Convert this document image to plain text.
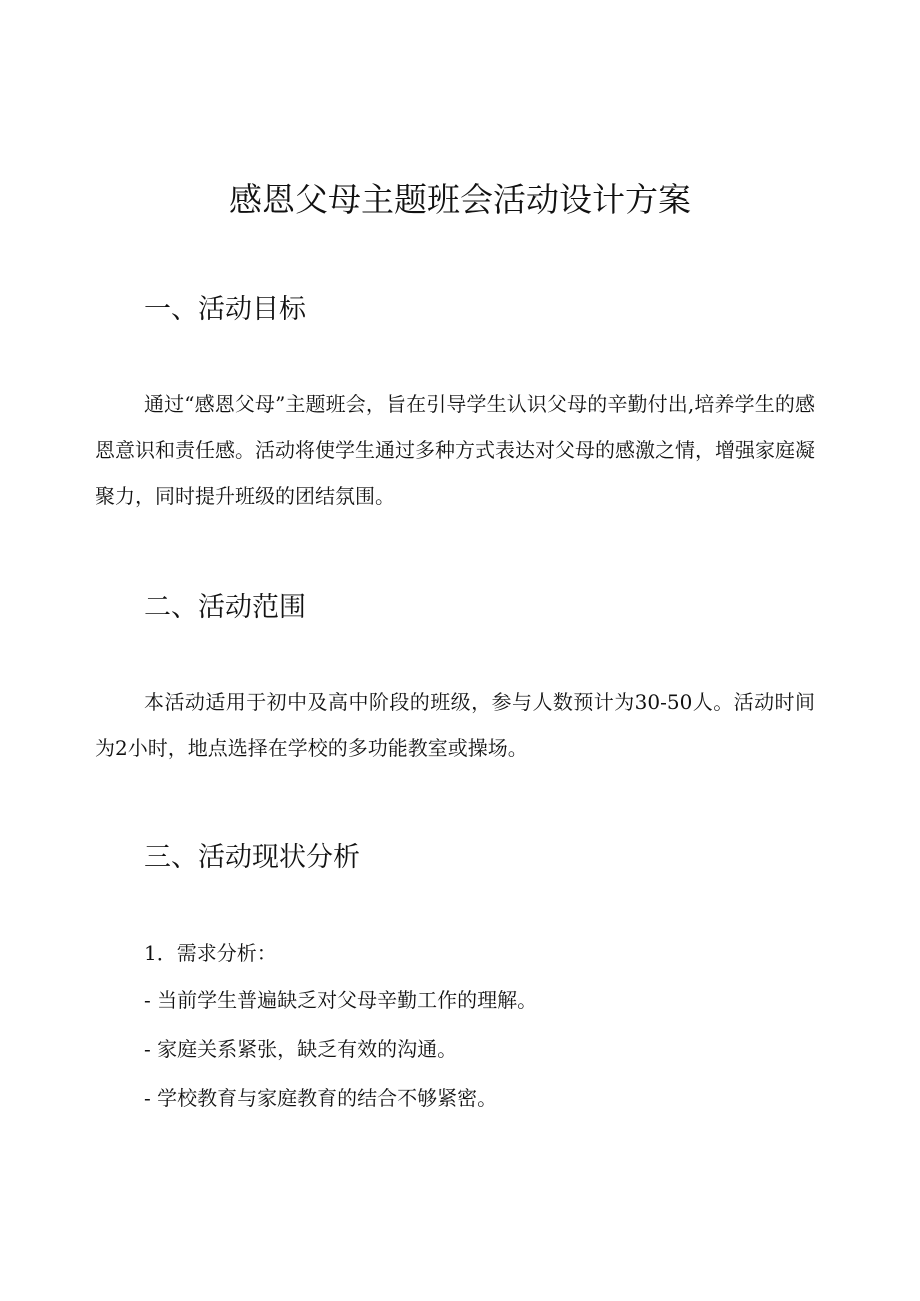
感恩父母主题班会活动设计方案
一、活动目标

通过“感恩父母”主题班会，旨在引导学生认识父母的辛勤付出,培养学生的感恩意识和责任感。活动将使学生通过多种方式表达对父母的感激之情，增强家庭凝聚力，同时提升班级的团结氛围。

二、活动范围

本活动适用于初中及高中阶段的班级，参与人数预计为30-50人。活动时间为2小时，地点选择在学校的多功能教室或操场。

三、活动现状分析

1．需求分析：

- 当前学生普遍缺乏对父母辛勤工作的理解。

- 家庭关系紧张，缺乏有效的沟通。

- 学校教育与家庭教育的结合不够紧密。
